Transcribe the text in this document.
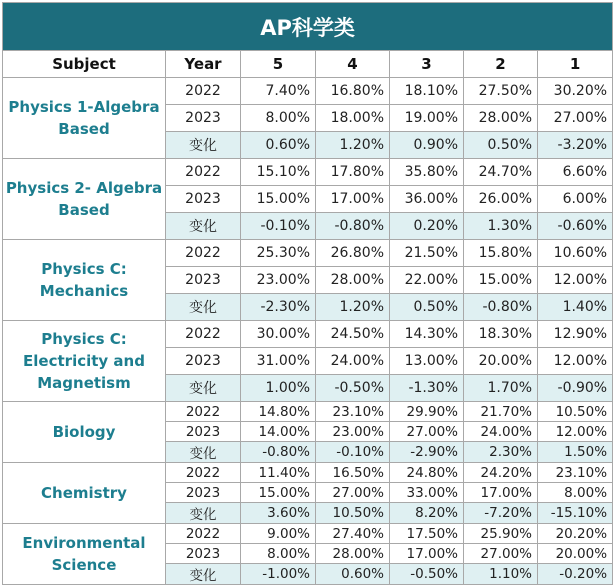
AP科学类						
Subject	Year	5	4	3	2	1
Physics 1-Algebra
Based	2022	7.40%	16.80%	18.10%	27.50%	30.20%
	2023	8.00%	18.00%	19.00%	28.00%	27.00%
	变化	0.60%	1.20%	0.90%	0.50%	-3.20%
Physics 2- Algebra
Based	2022	15.10%	17.80%	35.80%	24.70%	6.60%
	2023	15.00%	17.00%	36.00%	26.00%	6.00%
	变化	-0.10%	-0.80%	0.20%	1.30%	-0.60%
Physics C:
Mechanics	2022	25.30%	26.80%	21.50%	15.80%	10.60%
	2023	23.00%	28.00%	22.00%	15.00%	12.00%
	变化	-2.30%	1.20%	0.50%	-0.80%	1.40%
Physics C:
Electricity and
Magnetism	2022	30.00%	24.50%	14.30%	18.30%	12.90%
	2023	31.00%	24.00%	13.00%	20.00%	12.00%
	变化	1.00%	-0.50%	-1.30%	1.70%	-0.90%
Biology	2022	14.80%	23.10%	29.90%	21.70%	10.50%
	2023	14.00%	23.00%	27.00%	24.00%	12.00%
	变化	-0.80%	-0.10%	-2.90%	2.30%	1.50%
Chemistry	2022	11.40%	16.50%	24.80%	24.20%	23.10%
	2023	15.00%	27.00%	33.00%	17.00%	8.00%
	变化	3.60%	10.50%	8.20%	-7.20%	-15.10%
Environmental
Science	2022	9.00%	27.40%	17.50%	25.90%	20.20%
	2023	8.00%	28.00%	17.00%	27.00%	20.00%
	变化	-1.00%	0.60%	-0.50%	1.10%	-0.20%
